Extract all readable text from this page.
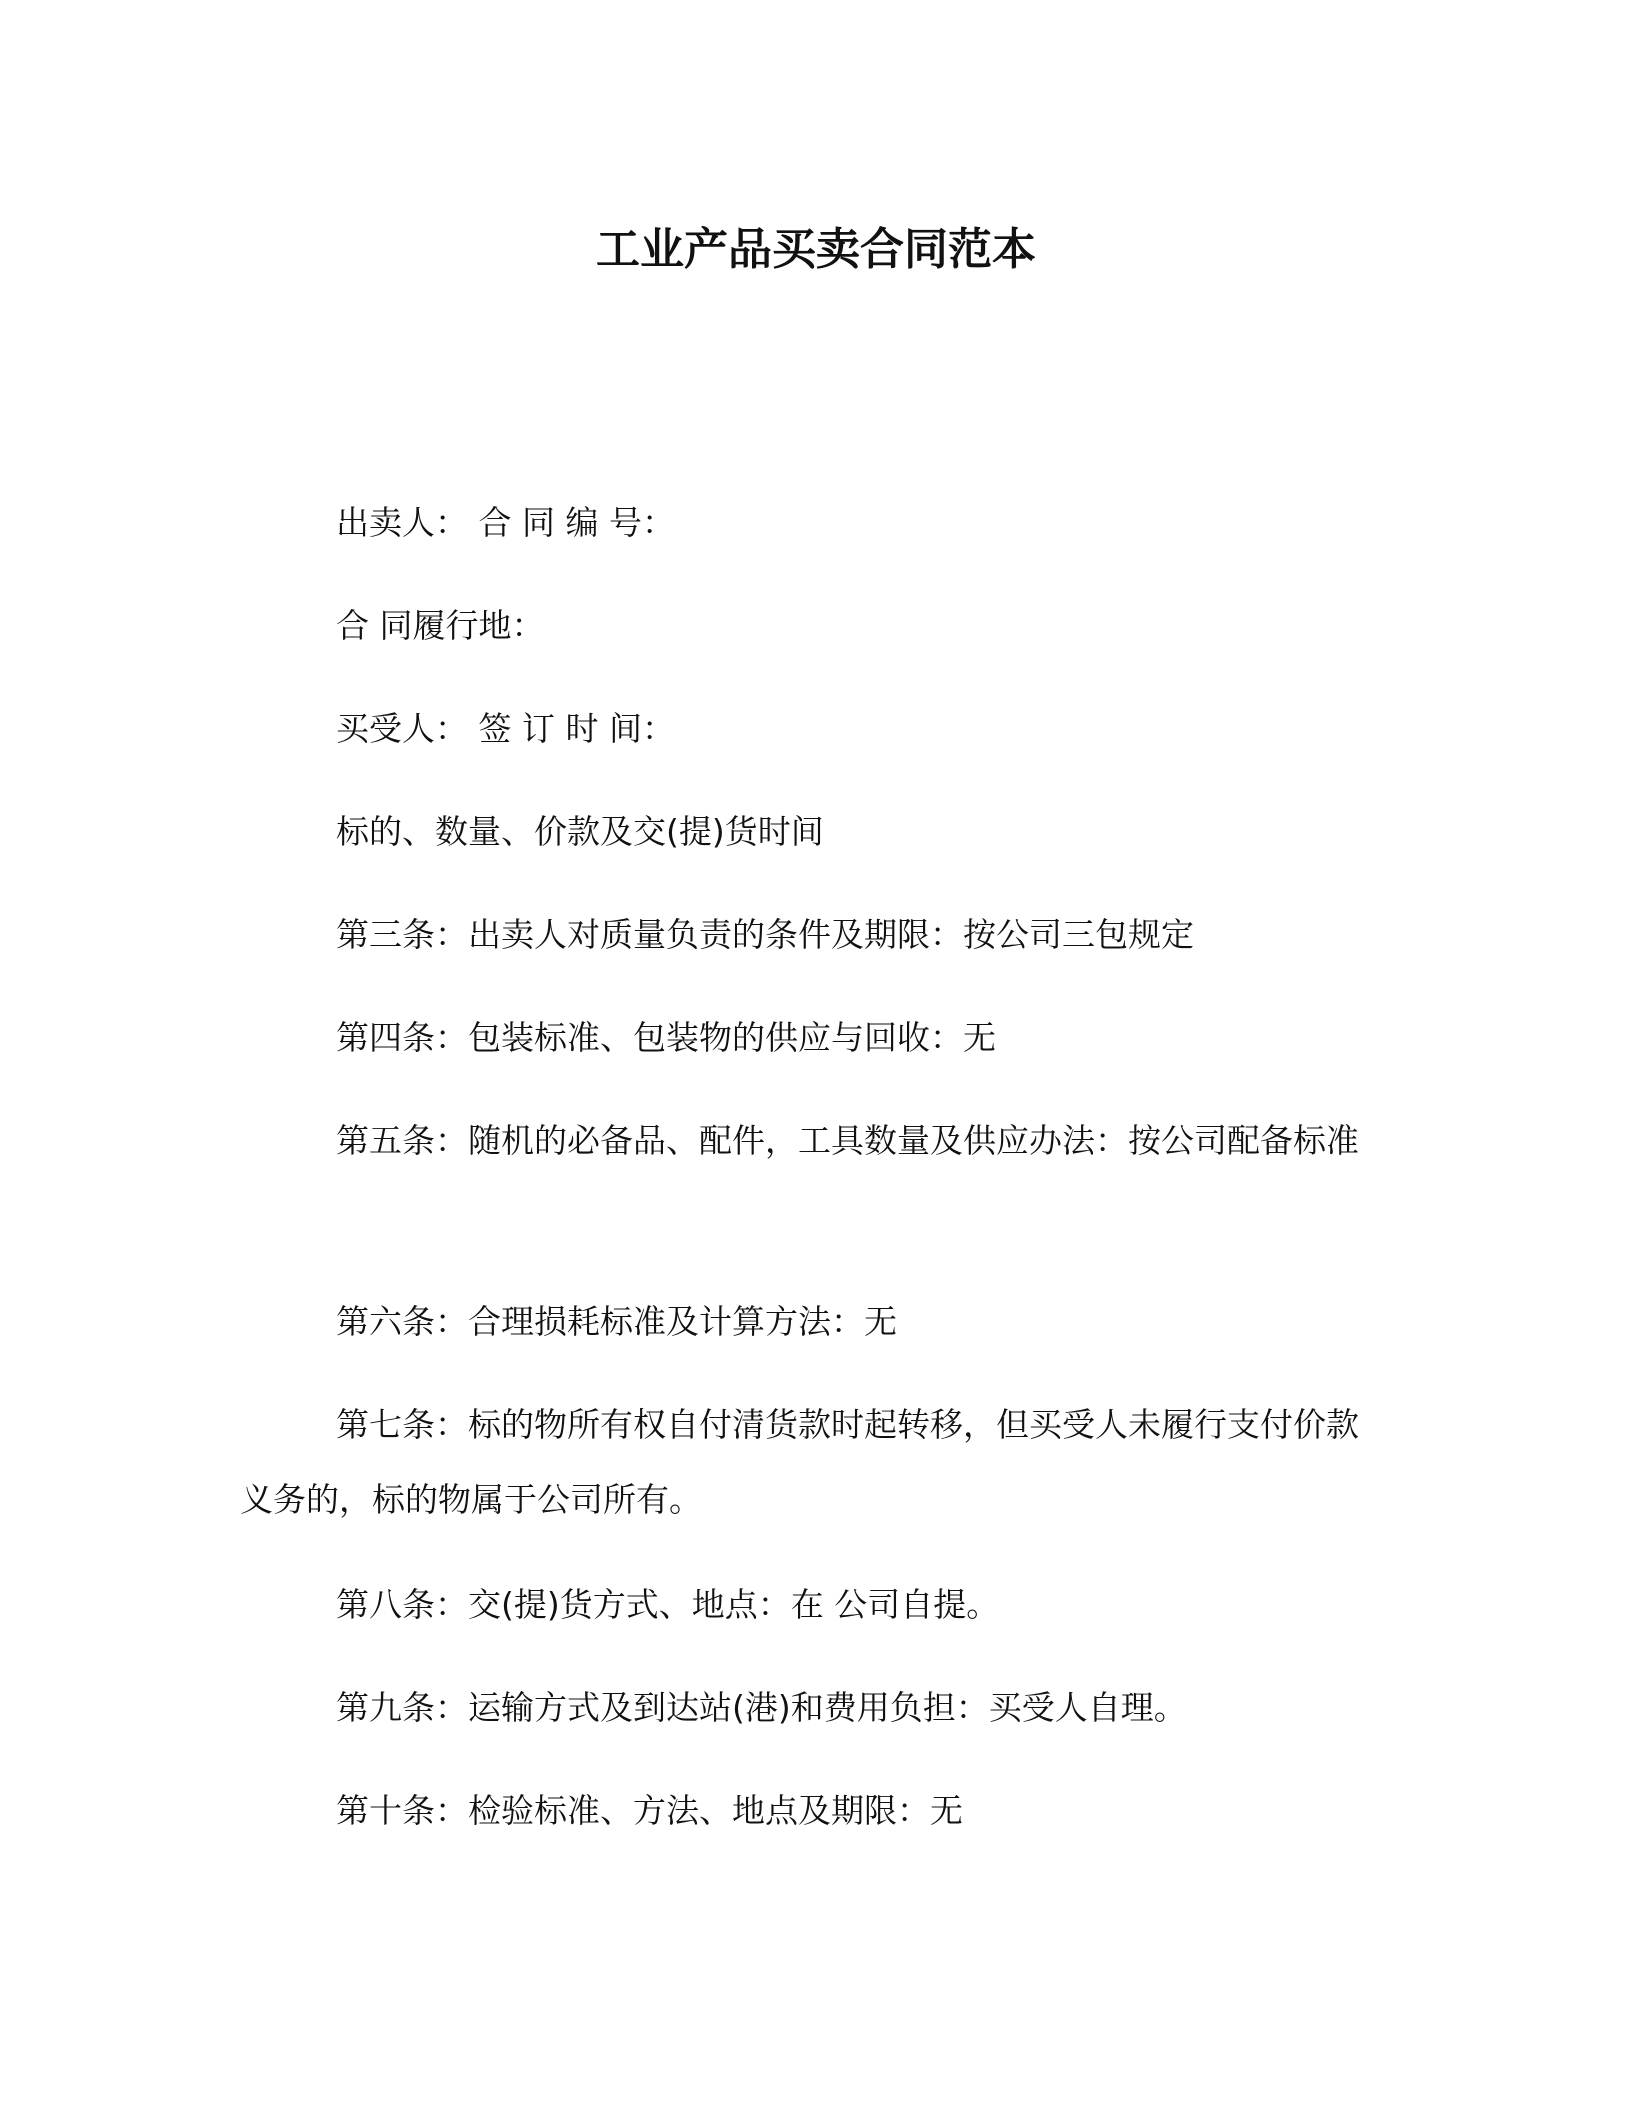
工业产品买卖合同范本

出卖人： 合 同 编 号：

合 同履行地：

买受人： 签 订 时 间：

标的、数量、价款及交(提)货时间

第三条：出卖人对质量负责的条件及期限：按公司三包规定

第四条：包装标准、包装物的供应与回收：无

第五条：随机的必备品、配件，工具数量及供应办法：按公司配备标准

第六条：合理损耗标准及计算方法：无

第七条：标的物所有权自付清货款时起转移，但买受人未履行支付价款义务的，标的物属于公司所有。

第八条：交(提)货方式、地点：在 公司自提。

第九条：运输方式及到达站(港)和费用负担：买受人自理。

第十条：检验标准、方法、地点及期限：无
